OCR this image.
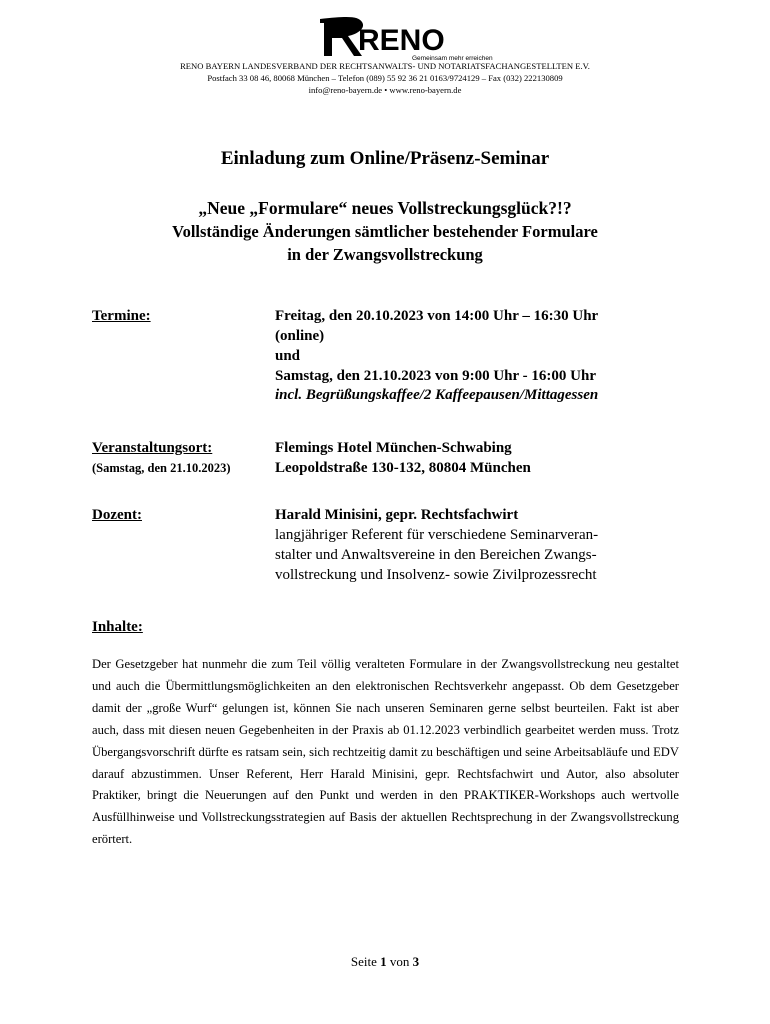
RENO
Gemeinsam mehr erreichen
RENO BAYERN LANDESVERBAND DER RECHTSANWALTS- UND NOTARIATSFACHANGESTELLTEN E.V.
Postfach 33 08 46, 80068 München – Telefon (089) 55 92 36 21 0163/9724129 – Fax (032) 222130809
info@reno-bayern.de • www.reno-bayern.de
Einladung zum Online/Präsenz-Seminar
„Neue „Formulare“ neues Vollstreckungsglück?!?
Vollständige Änderungen sämtlicher bestehender Formulare
in der Zwangsvollstreckung
Termine:	Freitag, den 20.10.2023 von 14:00 Uhr – 16:30 Uhr
(online)
und
Samstag, den 21.10.2023 von 9:00 Uhr - 16:00 Uhr
incl. Begrüßungskaffee/2 Kaffeepausen/Mittagessen
Veranstaltungsort:
(Samstag, den 21.10.2023)
Flemings Hotel München-Schwabing
Leopoldstraße 130-132, 80804 München
Dozent:	Harald Minisini, gepr. Rechtsfachwirt
langjähriger Referent für verschiedene Seminarveran-
stalter und Anwaltsvereine in den Bereichen Zwangs-
vollstreckung und Insolvenz- sowie Zivilprozessrecht
Inhalte:

Der Gesetzgeber hat nunmehr die zum Teil völlig veralteten Formulare in der Zwangsvollstreckung neu gestaltet und auch die Übermittlungsmöglichkeiten an den elektronischen Rechtsverkehr angepasst. Ob dem Gesetzgeber damit der „große Wurf“ gelungen ist, können Sie nach unseren Seminaren gerne selbst beurteilen. Fakt ist aber auch, dass mit diesen neuen Gegebenheiten in der Praxis ab 01.12.2023 verbindlich gearbeitet werden muss. Trotz Übergangsvorschrift dürfte es ratsam sein, sich rechtzeitig damit zu beschäftigen und seine Arbeitsabläufe und EDV darauf abzustimmen. Unser Referent, Herr Harald Minisini, gepr. Rechtsfachwirt und Autor, also absoluter Praktiker, bringt die Neuerungen auf den Punkt und werden in den PRAKTIKER-Workshops auch wertvolle Ausfüllhinweise und Vollstreckungsstrategien auf Basis der aktuellen Rechtsprechung in der Zwangsvollstreckung erörtert.

Seite 1 von 3
